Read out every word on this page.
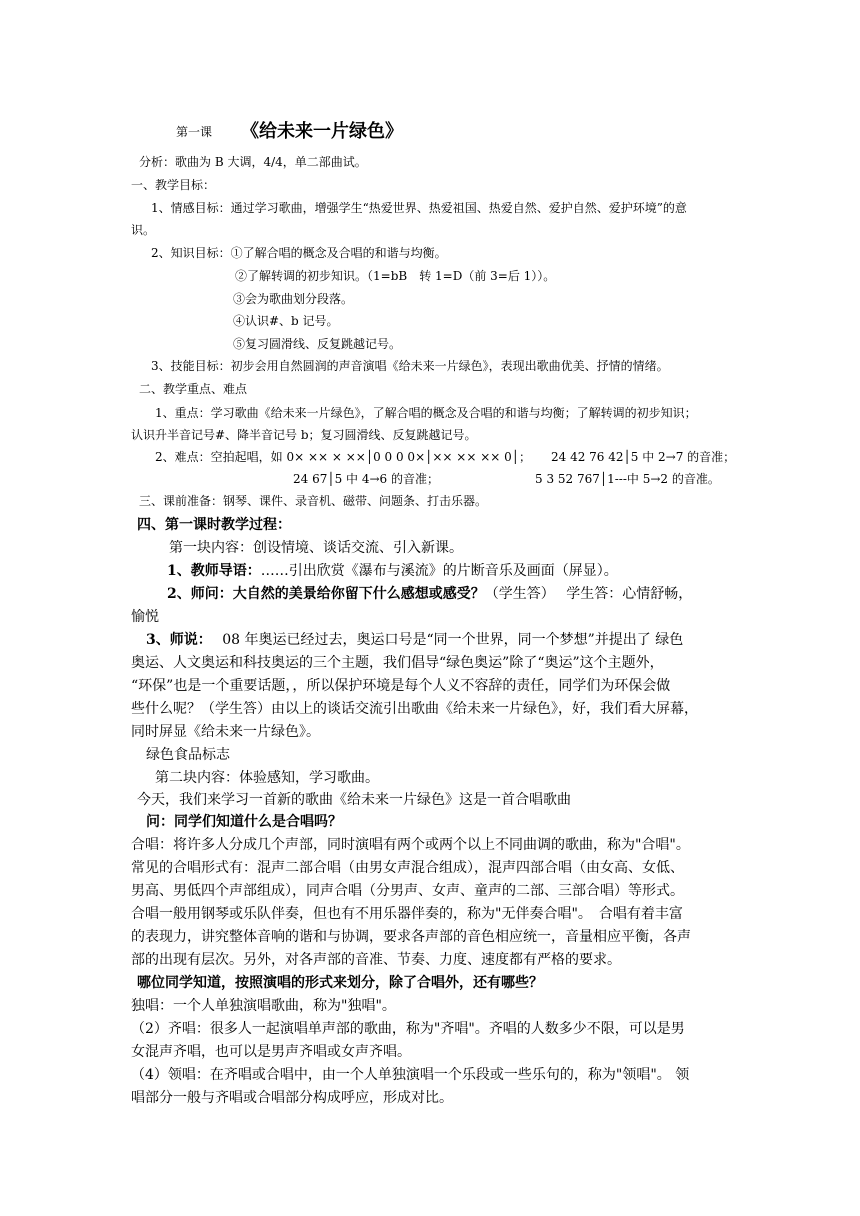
第一课 《给未来一片绿色》
分析：歌曲为 B 大调，4/4，单二部曲试。
一、教学目标：
1、情感目标：通过学习歌曲，增强学生“热爱世界、热爱祖国、热爱自然、爱护自然、爱护环境”的意
识。
2、知识目标：①了解合唱的概念及合唱的和谐与均衡。
②了解转调的初步知识。（1=bB　转 1=D（前 3=后 1））。
③会为歌曲划分段落。
④认识#、b 记号。
⑤复习圆滑线、反复跳越记号。
3、技能目标：初步会用自然圆润的声音演唱《给未来一片绿色》，表现出歌曲优美、抒情的情绪。
二、教学重点、难点
1、重点：学习歌曲《给未来一片绿色》，了解合唱的概念及合唱的和谐与均衡；了解转调的初步知识；
认识升半音记号#、降半音记号 b；复习圆滑线、反复跳越记号。
2、难点：空拍起唱，如 0× ×× × ××│0 0 0 0×│×× ×× ×× 0│； 24 42 76 42│5 中 2→7 的音准；
24 67│5 中 4→6 的音准；	5 3 52 767│1---中 5→2 的音准。
三、课前准备：钢琴、课件、录音机、磁带、问题条、打击乐器。
四、第一课时教学过程：
第一块内容：创设情境、谈话交流、引入新课。
1、教师导语：……引出欣赏《瀑布与溪流》的片断音乐及画面（屏显）。
2、师问：大自然的美景给你留下什么感想或感受？（学生答）　 学生答：心情舒畅，
愉悦
3、师说： 08 年奥运已经过去，奥运口号是“同一个世界，同一个梦想”并提出了 绿色
奥运、人文奥运和科技奥运的三个主题，我们倡导“绿色奥运”除了“奥运”这个主题外，
“环保”也是一个重要话题，，所以保护环境是每个人义不容辞的责任，同学们为环保会做
些什么呢？（学生答）由以上的谈话交流引出歌曲《给未来一片绿色》，好，我们看大屏幕，
同时屏显《给未来一片绿色》。
绿色食品标志
第二块内容：体验感知，学习歌曲。
今天，我们来学习一首新的歌曲《给未来一片绿色》这是一首合唱歌曲
问：同学们知道什么是合唱吗？
合唱：将许多人分成几个声部，同时演唱有两个或两个以上不同曲调的歌曲，称为"合唱"。
常见的合唱形式有：混声二部合唱（由男女声混合组成），混声四部合唱（由女高、女低、
男高、男低四个声部组成），同声合唱（分男声、女声、童声的二部、三部合唱）等形式。
合唱一般用钢琴或乐队伴奏，但也有不用乐器伴奏的，称为"无伴奏合唱"。　合唱有着丰富
的表现力，讲究整体音响的谐和与协调，要求各声部的音色相应统一，音量相应平衡，各声
部的出现有层次。另外，对各声部的音准、节奏、力度、速度都有严格的要求。
哪位同学知道，按照演唱的形式来划分，除了合唱外，还有哪些？
独唱：一个人单独演唱歌曲，称为"独唱"。
（2）齐唱：很多人一起演唱单声部的歌曲，称为"齐唱"。齐唱的人数多少不限，可以是男
女混声齐唱，也可以是男声齐唱或女声齐唱。
（4）领唱：在齐唱或合唱中，由一个人单独演唱一个乐段或一些乐句的，称为"领唱"。 领
唱部分一般与齐唱或合唱部分构成呼应，形成对比。
